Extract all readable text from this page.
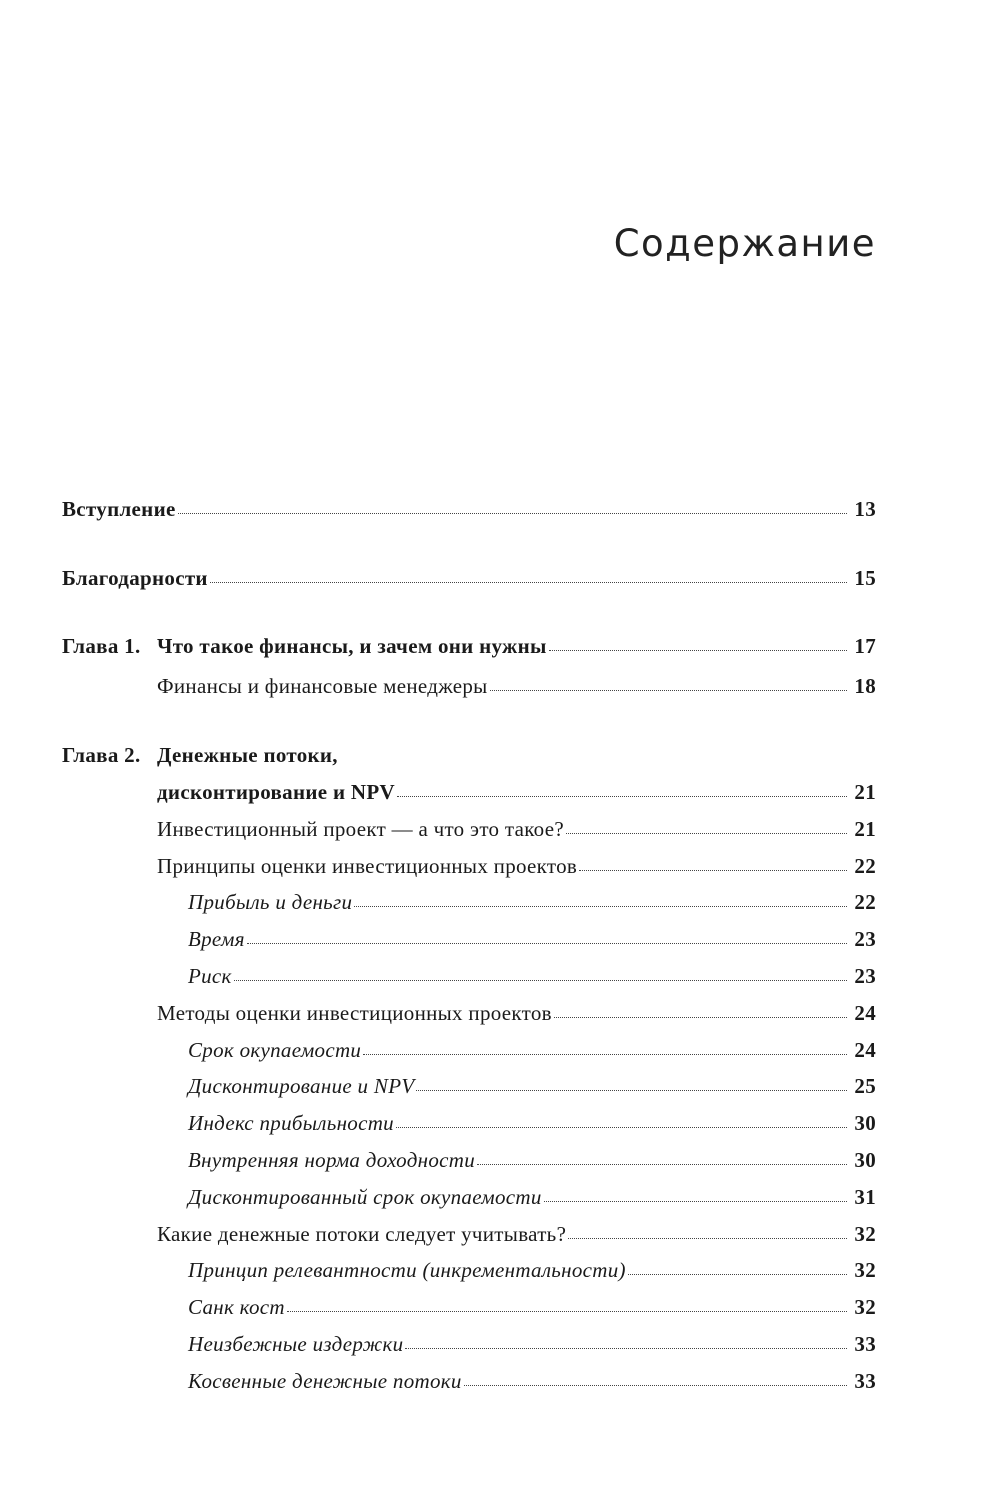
Содержание
Вступление	13
Благодарности	15
Глава 1. Что такое финансы, и зачем они нужны	17
Финансы и финансовые менеджеры	18
Глава 2. Денежные потоки,
дисконтирование и NPV	21
Инвестиционный проект — а что это такое?	21
Принципы оценки инвестиционных проектов	22
Прибыль и деньги	22
Время	23
Риск	23
Методы оценки инвестиционных проектов	24
Срок окупаемости	24
Дисконтирование и NPV	25
Индекс прибыльности	30
Внутренняя норма доходности	30
Дисконтированный срок окупаемости	31
Какие денежные потоки следует учитывать?	32
Принцип релевантности (инкрементальности)	32
Санк кост	32
Неизбежные издержки	33
Косвенные денежные потоки	33
